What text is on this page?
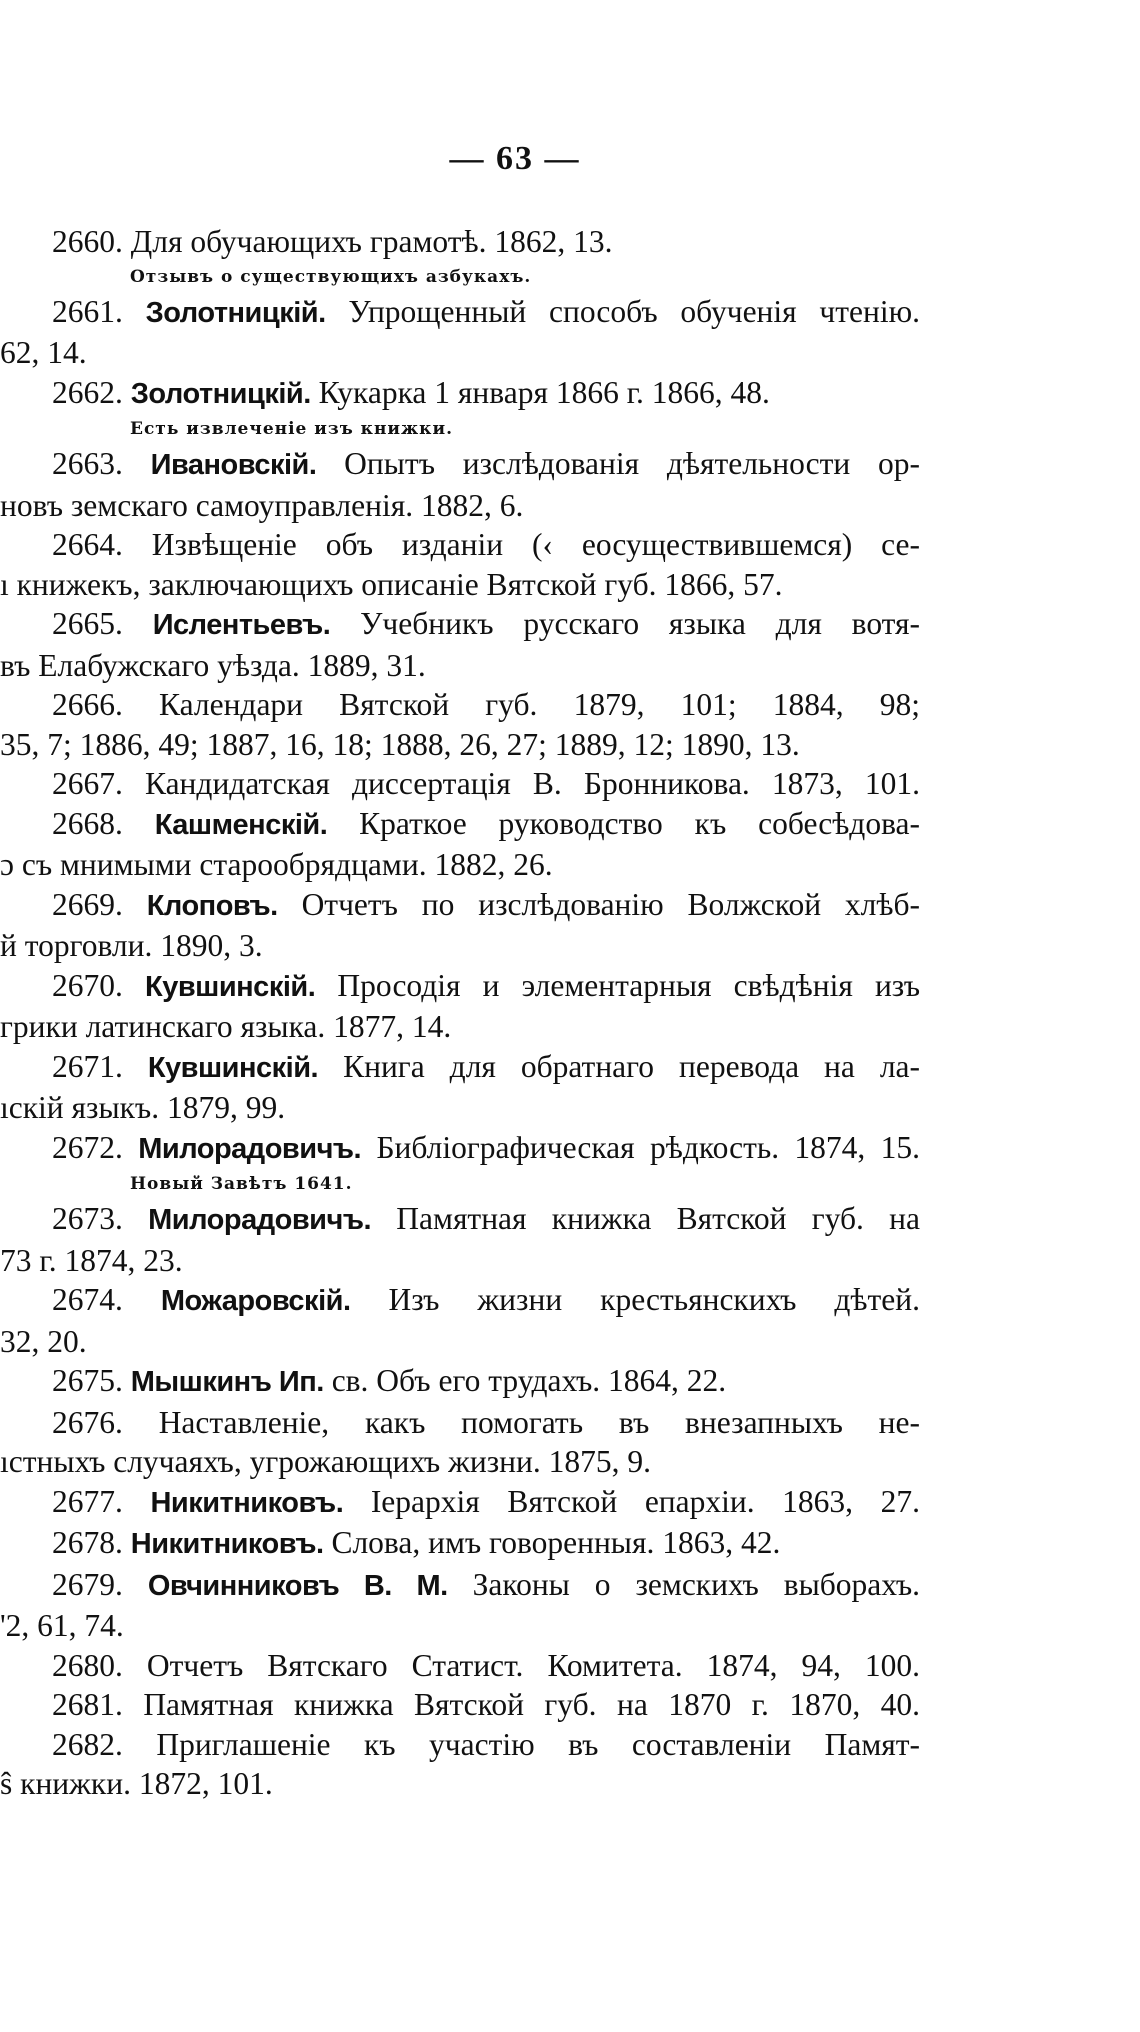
— 63 —
2660. Для обучающихъ грамотѣ. 1862, 13.
Отзывъ о существующихъ азбукахъ.
2661. Золотницкій. Упрощенный способъ обученія чтенію.
62, 14.
2662. Золотницкій. Кукарка 1 января 1866 г. 1866, 48.
Есть извлеченіе изъ книжки.
2663. Ивановскій. Опытъ изслѣдованія дѣятельности ор-
новъ земскаго самоуправленія. 1882, 6.
2664. Извѣщеніе объ изданіи (‹ eосуществившемся) се-
ı книжекъ, заключающихъ описаніе Вятской губ. 1866, 57.
2665. Ислентьевъ. Учебникъ русскаго языка для вотя-
въ Елабужскаго уѣзда. 1889, 31.
2666. Календари Вятской губ. 1879, 101; 1884, 98;
35, 7; 1886, 49; 1887, 16, 18; 1888, 26, 27; 1889, 12; 1890, 13.
2667. Кандидатская диссертація В. Бронникова. 1873, 101.
2668. Кашменскій. Краткое руководство къ собесѣдова-
ɔ съ мнимыми старообрядцами. 1882, 26.
2669. Клоповъ. Отчетъ по изслѣдованію Волжской хлѣб-
й торговли. 1890, 3.
2670. Кувшинскій. Просодія и элементарныя свѣдѣнія изъ
грики латинскаго языка. 1877, 14.
2671. Кувшинскій. Книга для обратнаго перевода на ла-
ıскій языкъ. 1879, 99.
2672. Милорадовичъ. Библіографическая рѣдкость. 1874, 15.
Новый Завѣтъ 1641.
2673. Милорадовичъ. Памятная книжка Вятской губ. на
73 г. 1874, 23.
2674. Можаровскій. Изъ жизни крестьянскихъ дѣтей.
32, 20.
2675. Мышкинъ Ип. св. Объ его трудахъ. 1864, 22.
2676. Наставленіе, какъ помогать въ внезапныхъ не-
ıстныхъ случаяхъ, угрожающихъ жизни. 1875, 9.
2677. Никитниковъ. Іерархія Вятской епархіи. 1863, 27.
2678. Никитниковъ. Слова, имъ говоренныя. 1863, 42.
2679. Овчинниковъ В. М. Законы о земскихъ выборахъ.
'2, 61, 74.
2680. Отчетъ Вятскаго Статист. Комитета. 1874, 94, 100.
2681. Памятная книжка Вятской губ. на 1870 г. 1870, 40.
2682. Приглашеніе къ участію въ составленіи Памят-
ŝ книжки. 1872, 101.
